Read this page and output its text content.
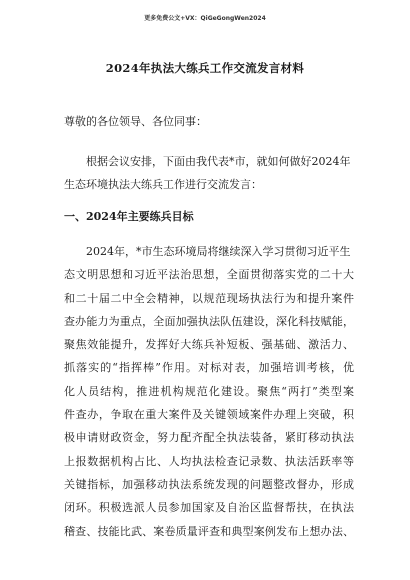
更多免费公文+VX：QiGeGongWen2024
2024年执法大练兵工作交流发言材料
尊敬的各位领导、各位同事：
根据会议安排，下面由我代表*市，就如何做好2024年
生态环境执法大练兵工作进行交流发言：
一、2024年主要练兵目标
2024年，*市生态环境局将继续深入学习贯彻习近平生
态文明思想和习近平法治思想，全面贯彻落实党的二十大
和二十届二中全会精神，以规范现场执法行为和提升案件
查办能力为重点，全面加强执法队伍建设，深化科技赋能，
聚焦效能提升，发挥好大练兵补短板、强基础、激活力、
抓落实的“指挥棒”作用。对标对表，加强培训考核，优
化人员结构，推进机构规范化建设。聚焦“两打”类型案
件查办，争取在重大案件及关键领域案件办理上突破，积
极申请财政资金，努力配齐配全执法装备，紧盯移动执法
上报数据机构占比、人均执法检查记录数、执法活跃率等
关键指标，加强移动执法系统发现的问题整改督办，形成
闭环。积极选派人员参加国家及自治区监督帮扶，在执法
稽查、技能比武、案卷质量评查和典型案例发布上想办法、
